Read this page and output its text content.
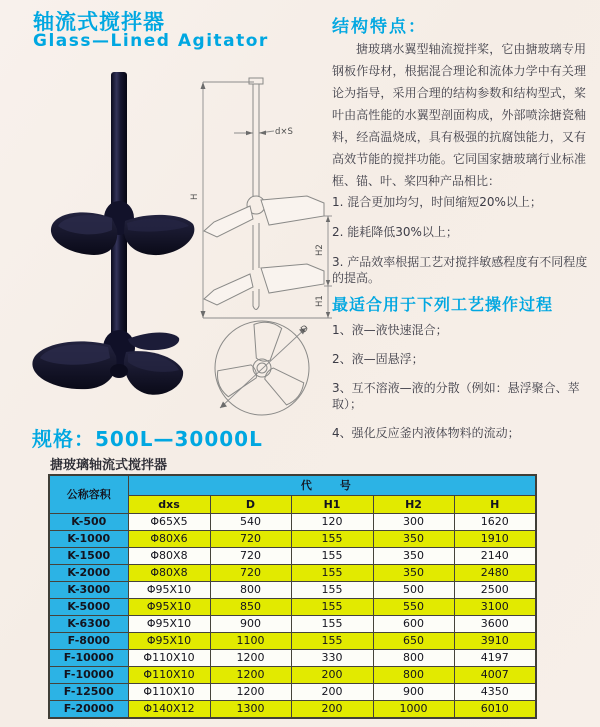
轴流式搅拌器
Glass—Lined Agitator
H
d×S
H2
H1
D
结构特点：
搪玻璃水翼型轴流搅拌桨，它由搪玻璃专用钢板作母材，根据混合理论和流体力学中有关理论为指导，采用合理的结构参数和结构型式，桨叶由高性能的水翼型剖面构成，外部喷涂搪瓷釉料，经高温烧成，具有极强的抗腐蚀能力，又有高效节能的搅拌功能。它同国家搪玻璃行业标准框、锚、叶、桨四种产品相比：
1. 混合更加均匀，时间缩短20%以上；
2. 能耗降低30%以上；
3. 产品效率根据工艺对搅拌敏感程度有不同程度的提高。
最适合用于下列工艺操作过程
1、液—液快速混合；
2、液—固悬浮；
3、互不溶液—液的分散（例如：悬浮聚合、萃取）；
4、强化反应釜内液体物料的流动；
规格：500L—30000L
搪玻璃轴流式搅拌器
公称容积	代 号				
	dxs	D	H1	H2	H
K-500	Φ65X5	540	120	300	1620
K-1000	Φ80X6	720	155	350	1910
K-1500	Φ80X8	720	155	350	2140
K-2000	Φ80X8	720	155	350	2480
K-3000	Φ95X10	800	155	500	2500
K-5000	Φ95X10	850	155	550	3100
K-6300	Φ95X10	900	155	600	3600
F-8000	Φ95X10	1100	155	650	3910
F-10000	Φ110X10	1200	330	800	4197
F-10000	Φ110X10	1200	200	800	4007
F-12500	Φ110X10	1200	200	900	4350
F-20000	Φ140X12	1300	200	1000	6010
